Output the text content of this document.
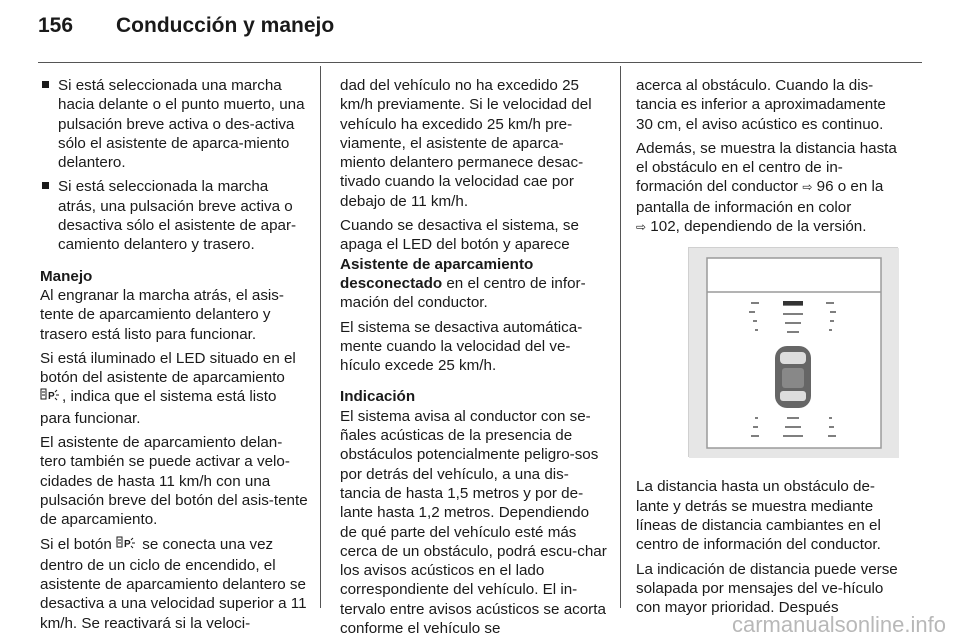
156	Conducción y manejo
Si está seleccionada una marcha hacia delante o el punto muerto, una pulsación breve activa o des-activa sólo el asistente de aparca-miento delantero.
Si está seleccionada la marcha atrás, una pulsación breve activa o desactiva sólo el asistente de apar-camiento delantero y trasero.

Manejo
Al engranar la marcha atrás, el asis-tente de aparcamiento delantero y trasero está listo para funcionar.

Si está iluminado el LED situado en el botón del asistente de aparcamiento
P , indica que el sistema está listo para funcionar.

El asistente de aparcamiento delan-tero también se puede activar a velo-cidades de hasta 11 km/h con una pulsación breve del botón del asis-tente de aparcamiento.

Si el botón P se conecta una vez dentro de un ciclo de encendido, el asistente de aparcamiento delantero se desactiva a una velocidad superior a 11 km/h. Se reactivará si la veloci-

dad del vehículo no ha excedido 25 km/h previamente. Si le velocidad del vehículo ha excedido 25 km/h pre-viamente, el asistente de aparca-miento delantero permanece desac-tivado cuando la velocidad cae por debajo de 11 km/h.

Cuando se desactiva el sistema, se apaga el LED del botón y aparece Asistente de aparcamiento desconectado en el centro de infor-mación del conductor.

El sistema se desactiva automática-mente cuando la velocidad del ve-hículo excede 25 km/h.

Indicación
El sistema avisa al conductor con se-ñales acústicas de la presencia de obstáculos potencialmente peligro-sos por detrás del vehículo, a una dis-tancia de hasta 1,5 metros y por de-lante hasta 1,2 metros. Dependiendo de qué parte del vehículo esté más cerca de un obstáculo, podrá escu-char los avisos acústicos en el lado correspondiente del vehículo. El in-tervalo entre avisos acústicos se acorta conforme el vehículo se

acerca al obstáculo. Cuando la dis-tancia es inferior a aproximadamente 30 cm, el aviso acústico es continuo.

Además, se muestra la distancia hasta el obstáculo en el centro de in-formación del conductor ⇨ 96 o en la pantalla de información en color
⇨ 102, dependiendo de la versión.

La distancia hasta un obstáculo de-lante y detrás se muestra mediante líneas de distancia cambiantes en el centro de información del conductor.

La indicación de distancia puede verse solapada por mensajes del ve-hículo con mayor prioridad. Después

carmanualsonline.info
